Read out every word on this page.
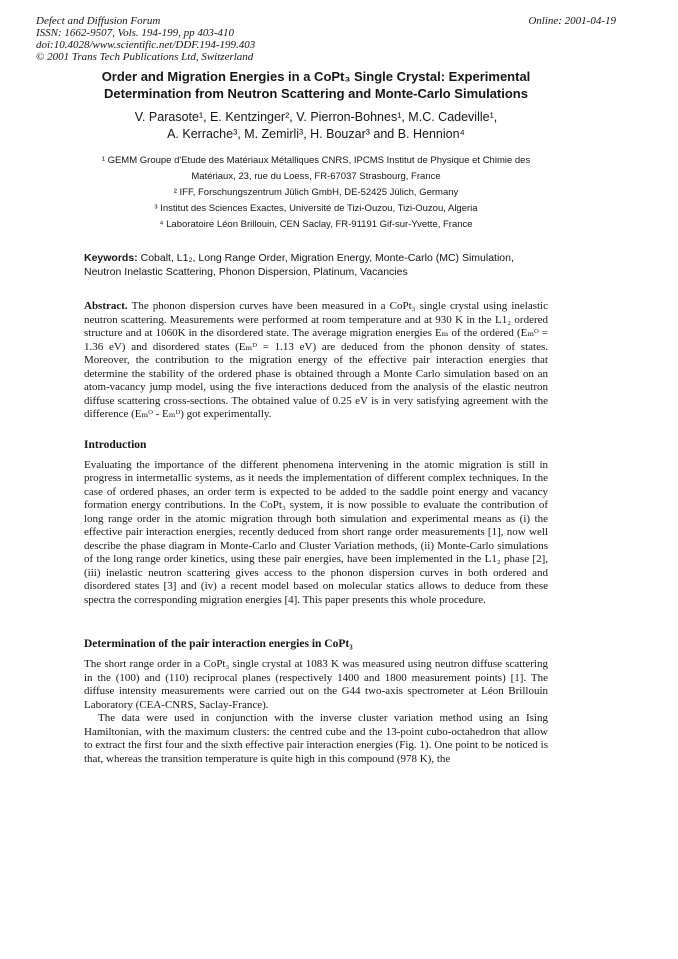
Defect and Diffusion Forum
ISSN: 1662-9507, Vols. 194-199, pp 403-410
doi:10.4028/www.scientific.net/DDF.194-199.403
© 2001 Trans Tech Publications Ltd, Switzerland
Online: 2001-04-19
Order and Migration Energies in a CoPt₃ Single Crystal: Experimental
Determination from Neutron Scattering and Monte-Carlo Simulations
V. Parasote¹, E. Kentzinger², V. Pierron-Bohnes¹, M.C. Cadeville¹,
A. Kerrache³, M. Zemirli³, H. Bouzar³ and B. Hennion⁴
¹ GEMM Groupe d'Etude des Matériaux Métalliques CNRS, IPCMS Institut de Physique et Chimie des Matériaux, 23, rue du Loess, FR-67037 Strasbourg, France
² IFF, Forschungszentrum Jülich GmbH, DE-52425 Jülich, Germany
³ Institut des Sciences Exactes, Université de Tizi-Ouzou, Tizi-Ouzou, Algeria
⁴ Laboratoire Léon Brillouin, CEN Saclay, FR-91191 Gif-sur-Yvette, France

Keywords: Cobalt, L1₂, Long Range Order, Migration Energy, Monte-Carlo (MC) Simulation, Neutron Inelastic Scattering, Phonon Dispersion, Platinum, Vacancies

Abstract. The phonon dispersion curves have been measured in a CoPt₃ single crystal using inelastic neutron scattering. Measurements were performed at room temperature and at 930 K in the L1₂ ordered structure and at 1060K in the disordered state. The average migration energies Eₘ of the ordered (Eₘᴼ = 1.36 eV) and disordered states (Eₘᴰ = 1.13 eV) are deduced from the phonon density of states. Moreover, the contribution to the migration energy of the effective pair interaction energies that determine the stability of the ordered phase is obtained through a Monte Carlo simulation based on an atom-vacancy jump model, using the five interactions deduced from the analysis of the elastic neutron diffuse scattering cross-sections. The obtained value of 0.25 eV is in very satisfying agreement with the difference (Eₘᴼ - Eₘᴰ) got experimentally.

Introduction

Evaluating the importance of the different phenomena intervening in the atomic migration is still in progress in intermetallic systems, as it needs the implementation of different complex techniques. In the case of ordered phases, an order term is expected to be added to the saddle point energy and vacancy formation energy contributions. In the CoPt₃ system, it is now possible to evaluate the contribution of long range order in the atomic migration through both simulation and experimental means as (i) the effective pair interaction energies, recently deduced from short range order measurements [1], now well describe the phase diagram in Monte-Carlo and Cluster Variation methods, (ii) Monte-Carlo simulations of the long range order kinetics, using these pair energies, have been implemented in the L1₂ phase [2], (iii) inelastic neutron scattering gives access to the phonon dispersion curves in both ordered and disordered states [3] and (iv) a recent model based on molecular statics allows to deduce from these spectra the corresponding migration energies [4]. This paper presents this whole procedure.

Determination of the pair interaction energies in CoPt₃

The short range order in a CoPt₃ single crystal at 1083 K was measured using neutron diffuse scattering in the (100) and (110) reciprocal planes (respectively 1400 and 1800 measurement points) [1]. The diffuse intensity measurements were carried out on the G44 two-axis spectrometer at Léon Brillouin Laboratory (CEA-CNRS, Saclay-France).

The data were used in conjunction with the inverse cluster variation method using an Ising Hamiltonian, with the maximum clusters: the centred cube and the 13-point cubo-octahedron that allow to extract the first four and the sixth effective pair interaction energies (Fig. 1). One point to be noticed is that, whereas the transition temperature is quite high in this compound (978 K), the
